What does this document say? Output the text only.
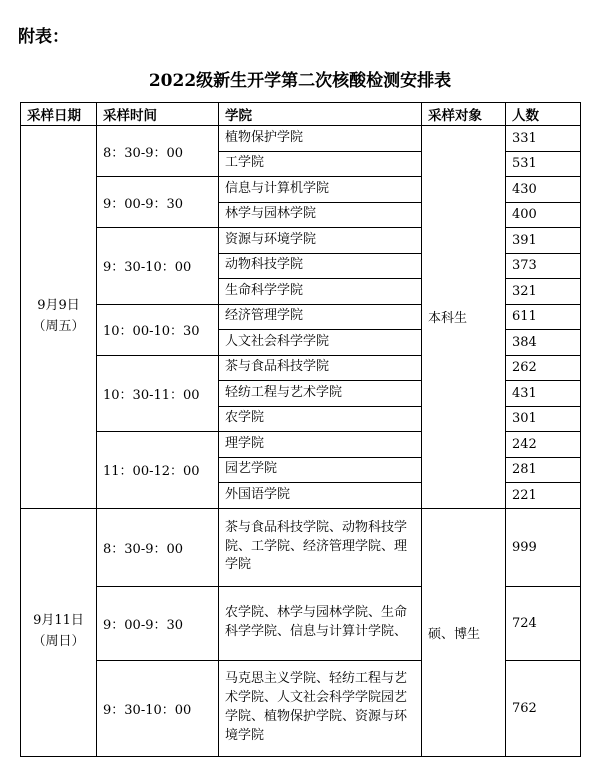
附表：
2022级新生开学第二次核酸检测安排表
采样日期	采样时间	学院	采样对象	人数

9月9日
（周五）	8：30-9：00	植物保护学院	本科生	331
		工学院		531
	9：00-9：30	信息与计算机学院		430
		林学与园林学院		400
	9：30-10：00	资源与环境学院		391
		动物科技学院		373
		生命科学学院		321
	10：00-10：30	经济管理学院		611
		人文社会科学学院		384
	10：30-11：00	茶与食品科技学院		262
		轻纺工程与艺术学院		431
		农学院		301
	11：00-12：00	理学院		242
		园艺学院		281
		外国语学院		221

9月11日
（周日）	8：30-9：00	茶与食品科技学院、动物科技学院、工学院、经济管理学院、理学院	硕、博生	999
	9：00-9：30	农学院、林学与园林学院、生命科学学院、信息与计算计学院、		724
	9：30-10：00	马克思主义学院、轻纺工程与艺术学院、人文社会科学学院园艺学院、植物保护学院、资源与环境学院		762
